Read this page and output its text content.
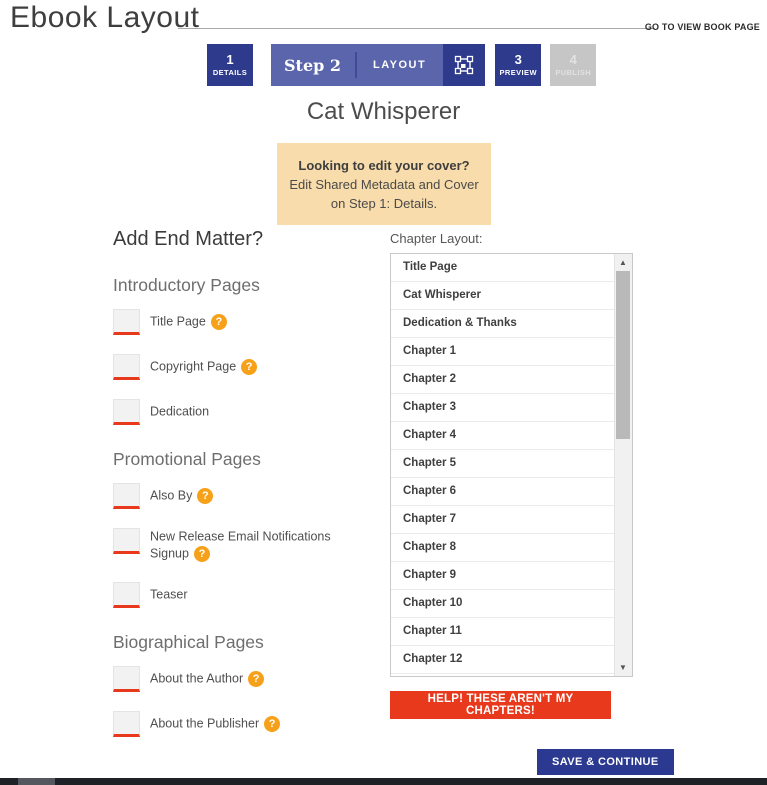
Ebook Layout	GO TO VIEW BOOK PAGE
1
DETAILS	Step 2	LAYOUT	3
PREVIEW
4
PUBLISH
Cat Whisperer
Looking to edit your cover?
Edit Shared Metadata and Cover
on Step 1: Details.
Add End Matter?
Introductory Pages
Title Page ?
Copyright Page ?
Dedication
Promotional Pages
Also By ?
New Release Email Notifications Signup ?
Teaser
Biographical Pages
About the Author ?
About the Publisher ?
Chapter Layout:
Title Page
Cat Whisperer
Dedication & Thanks
Chapter 1
Chapter 2
Chapter 3
Chapter 4
Chapter 5
Chapter 6
Chapter 7
Chapter 8
Chapter 9
Chapter 10
Chapter 11
Chapter 12
▲
▼
HELP! THESE AREN'T MY CHAPTERS!
SAVE & CONTINUE
